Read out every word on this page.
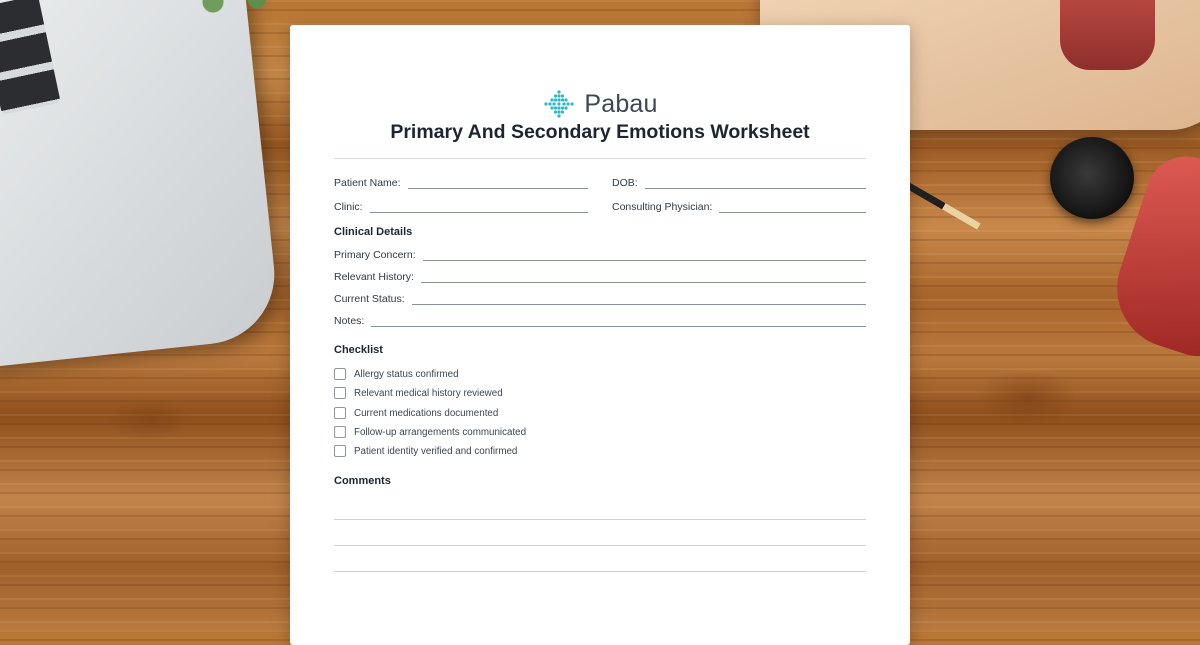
Pabau
Primary And Secondary Emotions Worksheet
Patient Name:	DOB:
Clinic:	Consulting Physician:
Clinical Details
Primary Concern:
Relevant History:
Current Status:
Notes:
Checklist
Allergy status confirmed
Relevant medical history reviewed
Current medications documented
Follow-up arrangements communicated
Patient identity verified and confirmed
Comments
